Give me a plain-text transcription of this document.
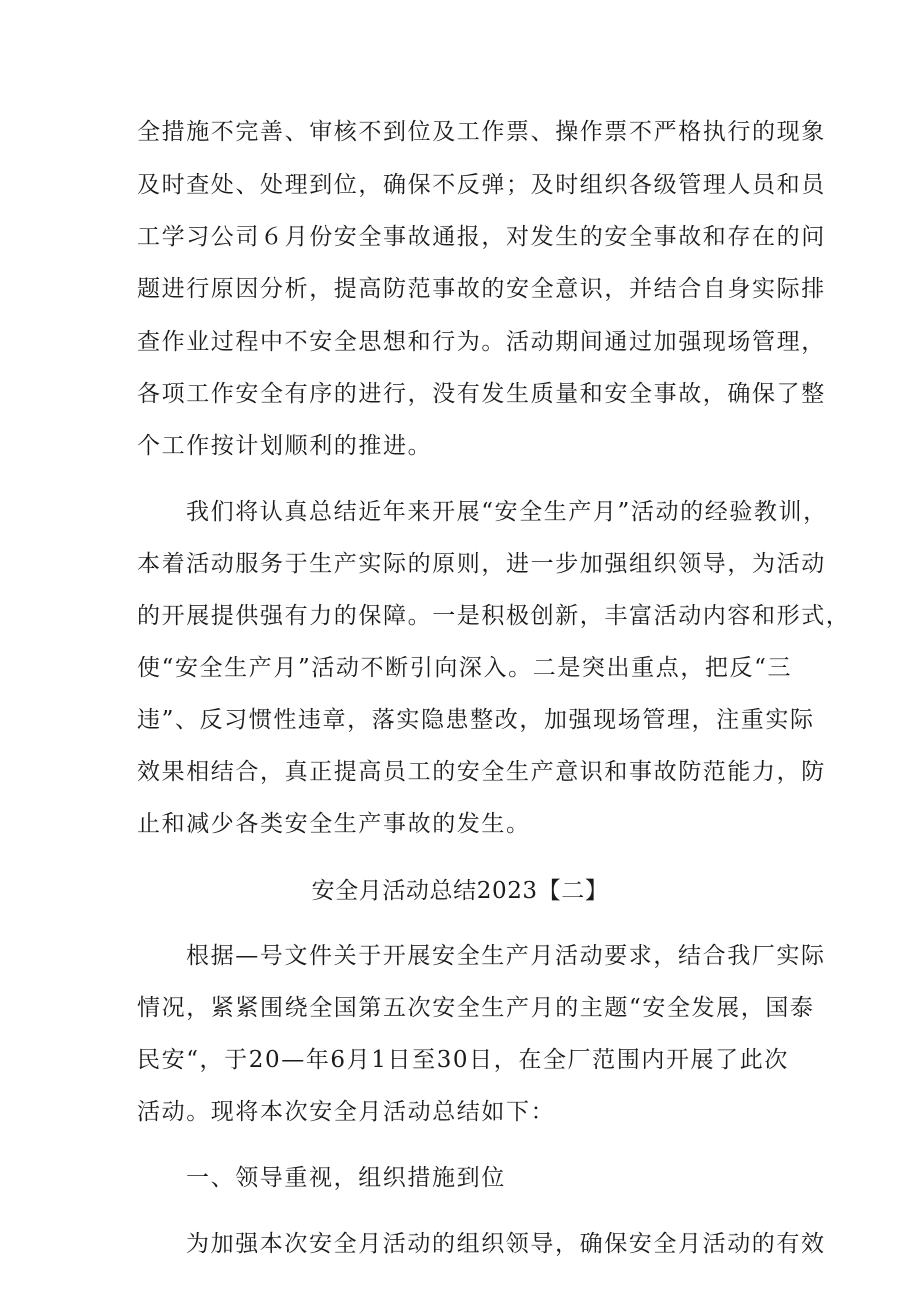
全措施不完善、审核不到位及工作票、操作票不严格执行的现象
及时查处、处理到位，确保不反弹；及时组织各级管理人员和员
工学习公司６月份安全事故通报，对发生的安全事故和存在的问
题进行原因分析，提高防范事故的安全意识，并结合自身实际排
查作业过程中不安全思想和行为。活动期间通过加强现场管理，
各项工作安全有序的进行，没有发生质量和安全事故，确保了整
个工作按计划顺利的推进。
我们将认真总结近年来开展“安全生产月”活动的经验教训，
本着活动服务于生产实际的原则，进一步加强组织领导，为活动
的开展提供强有力的保障。一是积极创新，丰富活动内容和形式，
使“安全生产月”活动不断引向深入。二是突出重点，把反“三
违”、反习惯性违章，落实隐患整改，加强现场管理，注重实际
效果相结合，真正提高员工的安全生产意识和事故防范能力，防
止和减少各类安全生产事故的发生。
安全月活动总结2023【二】
根据—号文件关于开展安全生产月活动要求，结合我厂实际
情况，紧紧围绕全国第五次安全生产月的主题“安全发展，国泰
民安“，于20—年6月1日至30日，在全厂范围内开展了此次
活动。现将本次安全月活动总结如下：
一、领导重视，组织措施到位
为加强本次安全月活动的组织领导，确保安全月活动的有效
